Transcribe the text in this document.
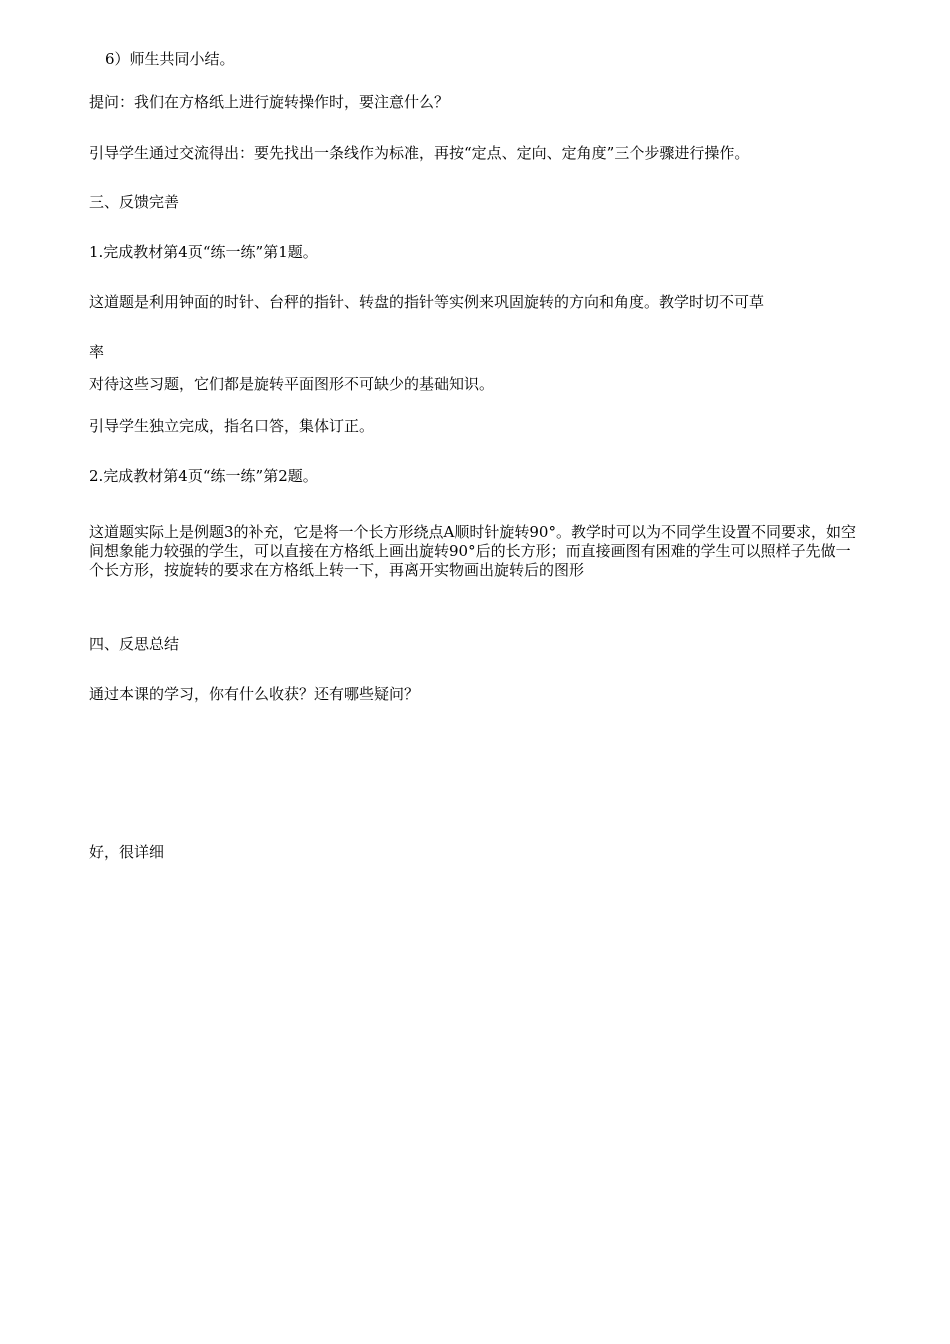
6）师生共同小结。
提问：我们在方格纸上进行旋转操作时，要注意什么？
引导学生通过交流得出：要先找出一条线作为标准，再按“定点、定向、定角度”三个步骤进行操作。
三、反馈完善
1.完成教材第4页“练一练”第1题。
这道题是利用钟面的时针、台秤的指针、转盘的指针等实例来巩固旋转的方向和角度。教学时切不可草
率
对待这些习题，它们都是旋转平面图形不可缺少的基础知识。
引导学生独立完成，指名口答，集体订正。
2.完成教材第4页“练一练”第2题。
这道题实际上是例题3的补充，它是将一个长方形绕点A顺时针旋转90°。教学时可以为不同学生设置不同要求，如空间想象能力较强的学生，可以直接在方格纸上画出旋转90°后的长方形；而直接画图有困难的学生可以照样子先做一个长方形，按旋转的要求在方格纸上转一下，再离开实物画出旋转后的图形
四、反思总结
通过本课的学习，你有什么收获？还有哪些疑问？
好，很详细
